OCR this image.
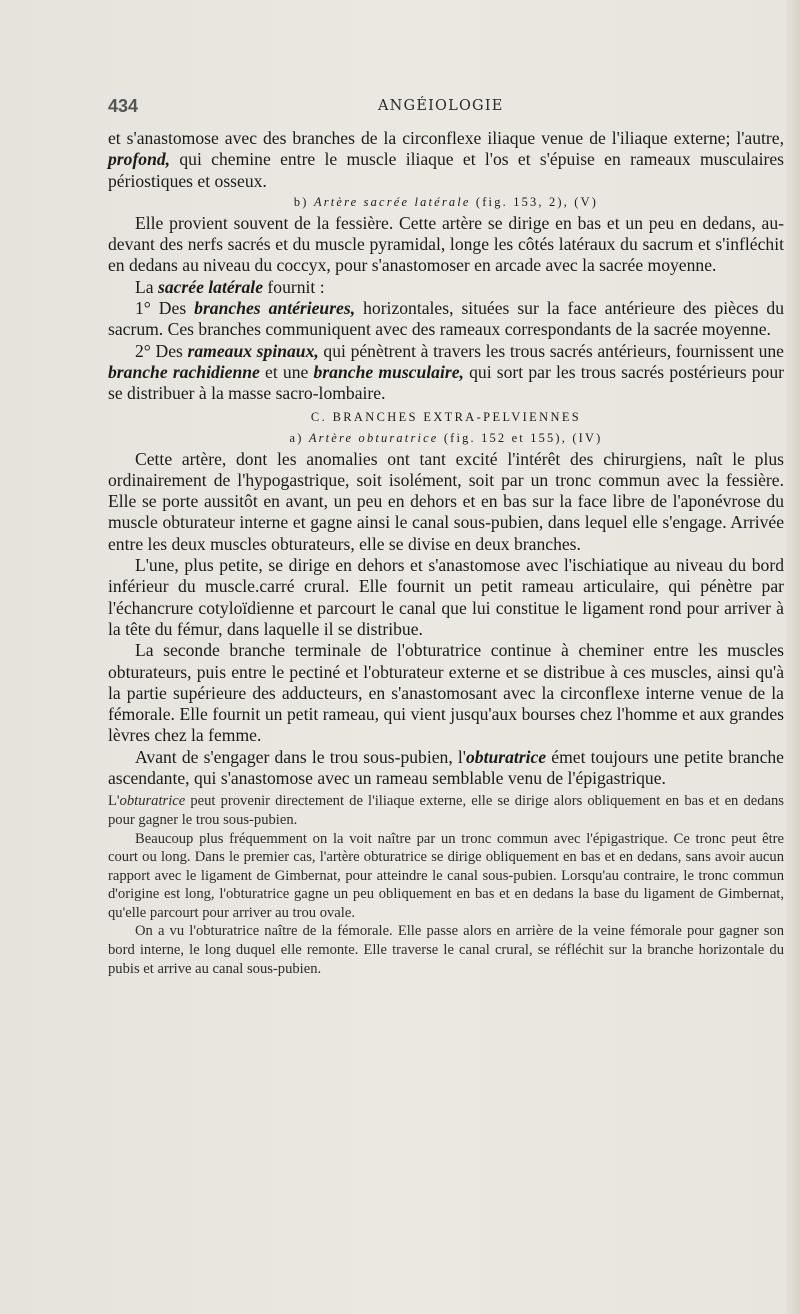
434	ANGÉIOLOGIE

et s'anastomose avec des branches de la circonflexe iliaque venue de l'iliaque externe; l'autre, profond, qui chemine entre le muscle iliaque et l'os et s'épuise en rameaux musculaires périostiques et osseux.

b) Artère sacrée latérale (fig. 153, 2), (V)

Elle provient souvent de la fessière. Cette artère se dirige en bas et un peu en dedans, au-devant des nerfs sacrés et du muscle pyramidal, longe les côtés latéraux du sacrum et s'infléchit en dedans au niveau du coccyx, pour s'anastomoser en arcade avec la sacrée moyenne.

La sacrée latérale fournit :

1° Des branches antérieures, horizontales, situées sur la face antérieure des pièces du sacrum. Ces branches communiquent avec des rameaux correspondants de la sacrée moyenne.

2° Des rameaux spinaux, qui pénètrent à travers les trous sacrés antérieurs, fournissent une branche rachidienne et une branche musculaire, qui sort par les trous sacrés postérieurs pour se distribuer à la masse sacro-lombaire.

C. BRANCHES EXTRA-PELVIENNES

a) Artère obturatrice (fig. 152 et 155), (IV)

Cette artère, dont les anomalies ont tant excité l'intérêt des chirurgiens, naît le plus ordinairement de l'hypogastrique, soit isolément, soit par un tronc commun avec la fessière. Elle se porte aussitôt en avant, un peu en dehors et en bas sur la face libre de l'aponévrose du muscle obturateur interne et gagne ainsi le canal sous-pubien, dans lequel elle s'engage. Arrivée entre les deux muscles obturateurs, elle se divise en deux branches.

L'une, plus petite, se dirige en dehors et s'anastomose avec l'ischiatique au niveau du bord inférieur du muscle.carré crural. Elle fournit un petit rameau articulaire, qui pénètre par l'échancrure cotyloïdienne et parcourt le canal que lui constitue le ligament rond pour arriver à la tête du fémur, dans laquelle il se distribue.

La seconde branche terminale de l'obturatrice continue à cheminer entre les muscles obturateurs, puis entre le pectiné et l'obturateur externe et se distribue à ces muscles, ainsi qu'à la partie supérieure des adducteurs, en s'anastomosant avec la circonflexe interne venue de la fémorale. Elle fournit un petit rameau, qui vient jusqu'aux bourses chez l'homme et aux grandes lèvres chez la femme.

Avant de s'engager dans le trou sous-pubien, l'obturatrice émet toujours une petite branche ascendante, qui s'anastomose avec un rameau semblable venu de l'épigastrique.

L'obturatrice peut provenir directement de l'iliaque externe, elle se dirige alors obliquement en bas et en dedans pour gagner le trou sous-pubien.

Beaucoup plus fréquemment on la voit naître par un tronc commun avec l'épigastrique. Ce tronc peut être court ou long. Dans le premier cas, l'artère obturatrice se dirige obliquement en bas et en dedans, sans avoir aucun rapport avec le ligament de Gimbernat, pour atteindre le canal sous-pubien. Lorsqu'au contraire, le tronc commun d'origine est long, l'obturatrice gagne un peu obliquement en bas et en dedans la base du ligament de Gimbernat, qu'elle parcourt pour arriver au trou ovale.

On a vu l'obturatrice naître de la fémorale. Elle passe alors en arrière de la veine fémorale pour gagner son bord interne, le long duquel elle remonte. Elle traverse le canal crural, se réfléchit sur la branche horizontale du pubis et arrive au canal sous-pubien.
